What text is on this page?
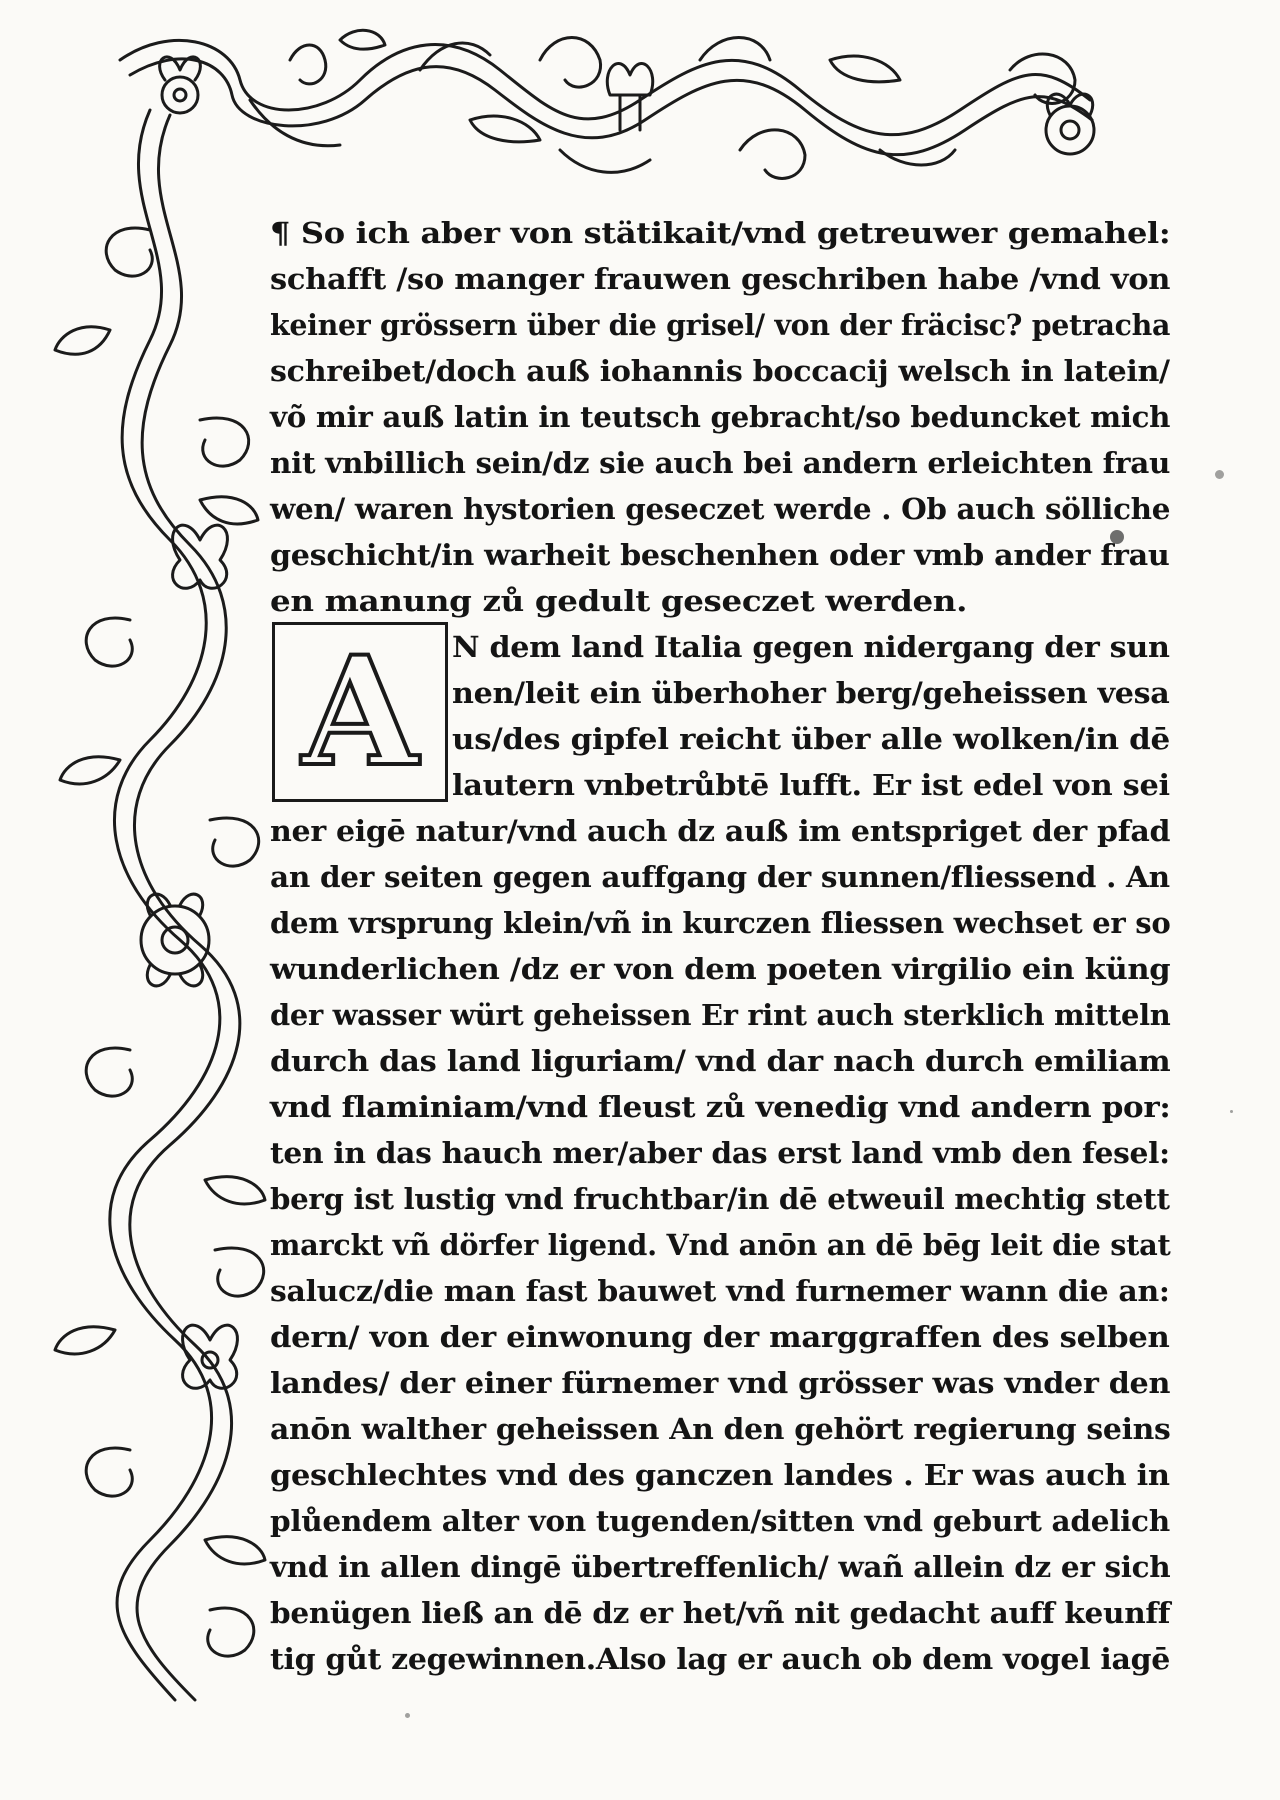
A
¶ So ich aber von stätikait/vnd getreuwer gemahel:
schafft /so manger frauwen geschriben habe /vnd von
keiner grössern über die grisel/ von der fräcisc? petracha
schreibet/doch auß iohannis boccacij welsch in latein/
võ mir auß latin in teutsch gebracht/so beduncket mich
nit vnbillich sein/dz sie auch bei andern erleichten frau
wen/ waren hystorien geseczet werde . Ob auch sölliche
geschicht/in warheit beschenhen oder vmb ander frau
en manung zů gedult geseczet werden.
N dem land Italia gegen nidergang der sun
nen/leit ein überhoher berg/geheissen vesa
us/des gipfel reicht über alle wolken/in dē
lautern vnbetrůbtē lufft. Er ist edel von sei
ner eigē natur/vnd auch dz auß im entspriget der pfad
an der seiten gegen auffgang der sunnen/fliessend . An
dem vrsprung klein/vñ in kurczen fliessen wechset er so
wunderlichen /dz er von dem poeten virgilio ein küng
der wasser würt geheissen Er rint auch sterklich mitteln
durch das land liguriam/ vnd dar nach durch emiliam
vnd flaminiam/vnd fleust zů venedig vnd andern por:
ten in das hauch mer/aber das erst land vmb den fesel:
berg ist lustig vnd fruchtbar/in dē etweuil mechtig stett
marckt vñ dörfer ligend. Vnd anōn an dē bēg leit die stat
salucz/die man fast bauwet vnd furnemer wann die an:
dern/ von der einwonung der marggraffen des selben
landes/ der einer fürnemer vnd grösser was vnder den
anōn walther geheissen An den gehört regierung seins
geschlechtes vnd des ganczen landes . Er was auch in
plůendem alter von tugenden/sitten vnd geburt adelich
vnd in allen dingē übertreffenlich/ wañ allein dz er sich
benügen ließ an dē dz er het/vñ nit gedacht auff keunff
tig gůt zegewinnen.Also lag er auch ob dem vogel iagē
